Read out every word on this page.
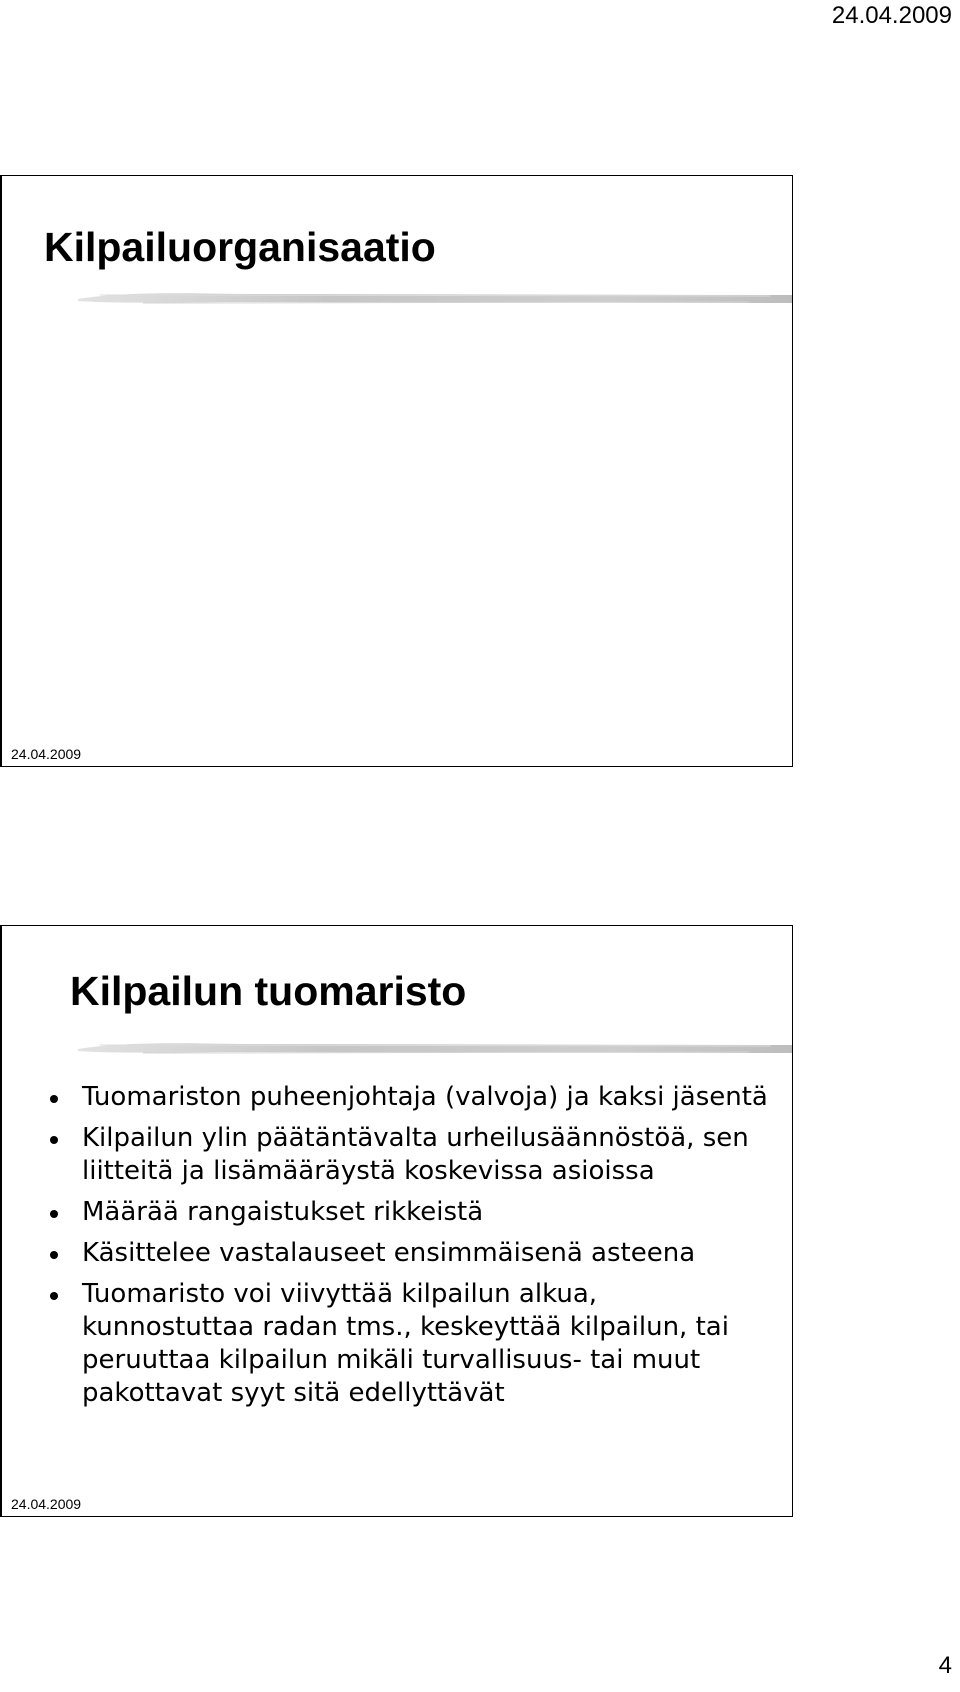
24.04.2009
Kilpailuorganisaatio
24.04.2009
Kilpailun tuomaristo
Tuomariston puheenjohtaja (valvoja) ja kaksi jäsentä
Kilpailun ylin päätäntävalta urheilusäännöstöä, sen liitteitä ja lisämääräystä koskevissa asioissa
Määrää rangaistukset rikkeistä
Käsittelee vastalauseet ensimmäisenä asteena
Tuomaristo voi viivyttää kilpailun alkua, kunnostuttaa radan tms., keskeyttää kilpailun, tai peruuttaa kilpailun mikäli turvallisuus- tai muut pakottavat syyt sitä edellyttävät
24.04.2009
4
